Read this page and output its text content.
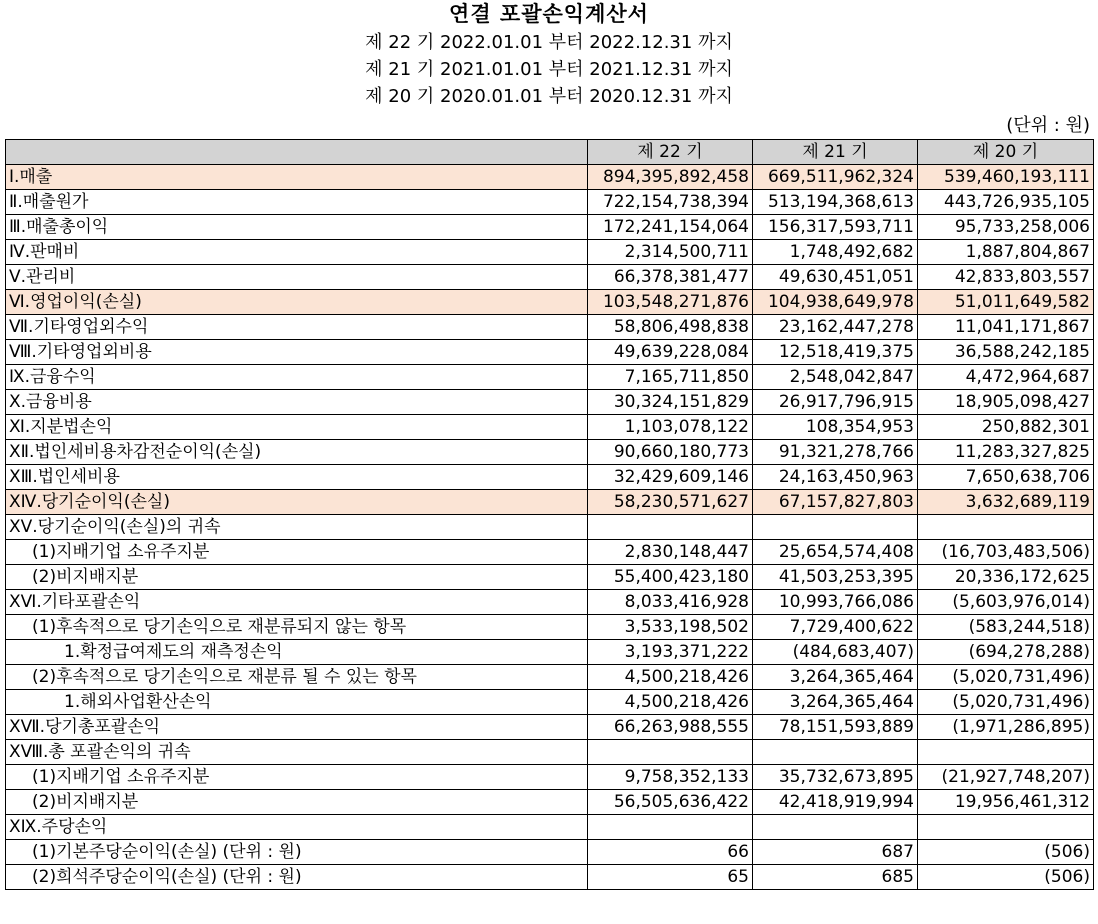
연결 포괄손익계산서
제 22 기 2022.01.01 부터 2022.12.31 까지
제 21 기 2021.01.01 부터 2021.12.31 까지
제 20 기 2020.01.01 부터 2020.12.31 까지
(단위 : 원)
	제 22 기	제 21 기	제 20 기
Ⅰ.매출	894,395,892,458	669,511,962,324	539,460,193,111
Ⅱ.매출원가	722,154,738,394	513,194,368,613	443,726,935,105
Ⅲ.매출총이익	172,241,154,064	156,317,593,711	95,733,258,006
Ⅳ.판매비	2,314,500,711	1,748,492,682	1,887,804,867
Ⅴ.관리비	66,378,381,477	49,630,451,051	42,833,803,557
Ⅵ.영업이익(손실)	103,548,271,876	104,938,649,978	51,011,649,582
Ⅶ.기타영업외수익	58,806,498,838	23,162,447,278	11,041,171,867
Ⅷ.기타영업외비용	49,639,228,084	12,518,419,375	36,588,242,185
Ⅸ.금융수익	7,165,711,850	2,548,042,847	4,472,964,687
Ⅹ.금융비용	30,324,151,829	26,917,796,915	18,905,098,427
Ⅺ.지분법손익	1,103,078,122	108,354,953	250,882,301
XⅡ.법인세비용차감전순이익(손실)	90,660,180,773	91,321,278,766	11,283,327,825
XⅢ.법인세비용	32,429,609,146	24,163,450,963	7,650,638,706
XⅣ.당기순이익(손실)	58,230,571,627	67,157,827,803	3,632,689,119
XⅤ.당기순이익(손실)의 귀속			
(1)지배기업 소유주지분	2,830,148,447	25,654,574,408	(16,703,483,506)
(2)비지배지분	55,400,423,180	41,503,253,395	20,336,172,625
XⅥ.기타포괄손익	8,033,416,928	10,993,766,086	(5,603,976,014)
(1)후속적으로 당기손익으로 재분류되지 않는 항목	3,533,198,502	7,729,400,622	(583,244,518)
1.확정급여제도의 재측정손익	3,193,371,222	(484,683,407)	(694,278,288)
(2)후속적으로 당기손익으로 재분류 될 수 있는 항목	4,500,218,426	3,264,365,464	(5,020,731,496)
1.해외사업환산손익	4,500,218,426	3,264,365,464	(5,020,731,496)
XⅦ.당기총포괄손익	66,263,988,555	78,151,593,889	(1,971,286,895)
XⅧ.총 포괄손익의 귀속			
(1)지배기업 소유주지분	9,758,352,133	35,732,673,895	(21,927,748,207)
(2)비지배지분	56,505,636,422	42,418,919,994	19,956,461,312
XⅨ.주당손익			
(1)기본주당순이익(손실) (단위 : 원)	66	687	(506)
(2)희석주당순이익(손실) (단위 : 원)	65	685	(506)
